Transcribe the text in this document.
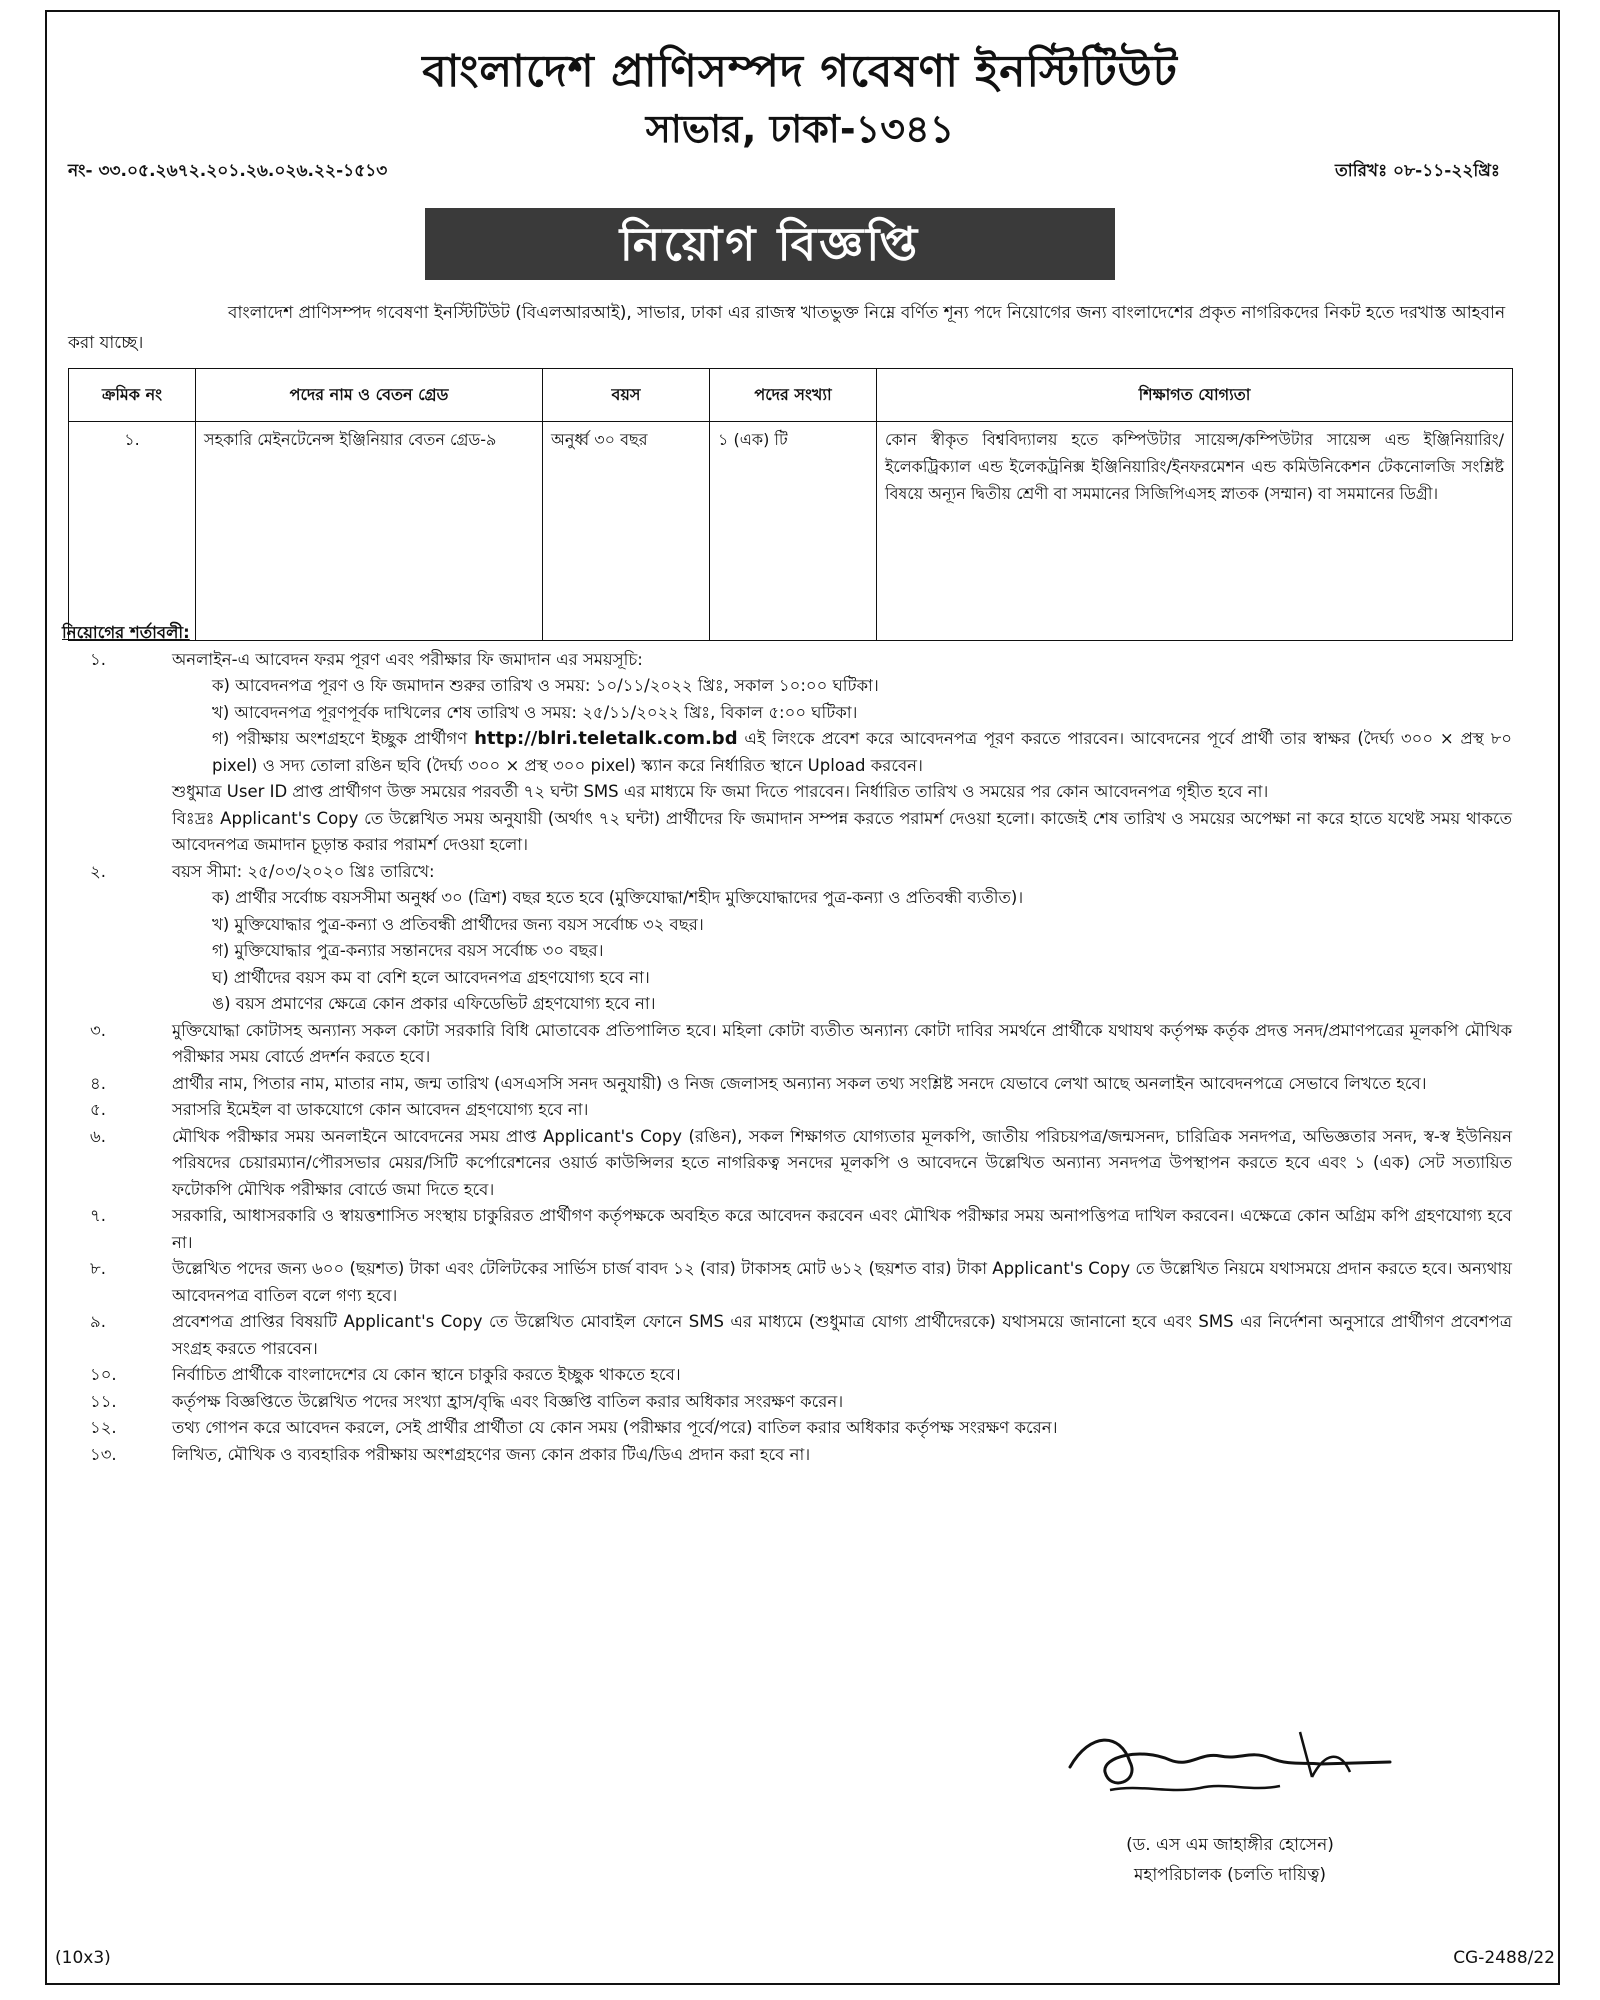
বাংলাদেশ প্রাণিসম্পদ গবেষণা ইনস্টিটিউট
সাভার, ঢাকা-১৩৪১
নং- ৩৩.০৫.২৬৭২.২০১.২৬.০২৬.২২-১৫১৩	তারিখঃ ০৮-১১-২২খ্রিঃ
নিয়োগ বিজ্ঞপ্তি
বাংলাদেশ প্রাণিসম্পদ গবেষণা ইনস্টিটিউট (বিএলআরআই), সাভার, ঢাকা এর রাজস্ব খাতভুক্ত নিম্নে বর্ণিত শূন্য পদে নিয়োগের জন্য বাংলাদেশের প্রকৃত নাগরিকদের নিকট হতে দরখাস্ত আহবান করা যাচ্ছে।
ক্রমিক নং	পদের নাম ও বেতন গ্রেড	বয়স	পদের সংখ্যা	শিক্ষাগত যোগ্যতা
১.	সহকারি মেইনটেনেন্স ইঞ্জিনিয়ার বেতন গ্রেড-৯	অনুর্ধ্ব ৩০ বছর	১ (এক) টি	কোন স্বীকৃত বিশ্ববিদ্যালয় হতে কম্পিউটার সায়েন্স/কম্পিউটার সায়েন্স এন্ড ইঞ্জিনিয়ারিং/ইলেকট্রিক্যাল এন্ড ইলেকট্রনিক্স ইঞ্জিনিয়ারিং/ইনফরমেশন এন্ড কমিউনিকেশন টেকনোলজি সংশ্লিষ্ট বিষয়ে অন্যূন দ্বিতীয় শ্রেণী বা সমমানের সিজিপিএসহ স্নাতক (সম্মান) বা সমমানের ডিগ্রী।
নিয়োগের শর্তাবলী:
১.	অনলাইন-এ আবেদন ফরম পূরণ এবং পরীক্ষার ফি জমাদান এর সময়সূচি:
ক) আবেদনপত্র পূরণ ও ফি জমাদান শুরুর তারিখ ও সময়: ১০/১১/২০২২ খ্রিঃ, সকাল ১০:০০ ঘটিকা।
খ) আবেদনপত্র পূরণপূর্বক দাখিলের শেষ তারিখ ও সময়: ২৫/১১/২০২২ খ্রিঃ, বিকাল ৫:০০ ঘটিকা।
গ) পরীক্ষায় অংশগ্রহণে ইচ্ছুক প্রার্থীগণ http://blri.teletalk.com.bd এই লিংকে প্রবেশ করে আবেদনপত্র পূরণ করতে পারবেন। আবেদনের পূর্বে প্রার্থী তার স্বাক্ষর (দৈর্ঘ্য ৩০০ × প্রস্থ ৮০ pixel) ও সদ্য তোলা রঙিন ছবি (দৈর্ঘ্য ৩০০ × প্রস্থ ৩০০ pixel) স্ক্যান করে নির্ধারিত স্থানে Upload করবেন।
শুধুমাত্র User ID প্রাপ্ত প্রার্থীগণ উক্ত সময়ের পরবর্তী ৭২ ঘন্টা SMS এর মাধ্যমে ফি জমা দিতে পারবেন। নির্ধারিত তারিখ ও সময়ের পর কোন আবেদনপত্র গৃহীত হবে না।
বিঃদ্রঃ Applicant's Copy তে উল্লেখিত সময় অনুযায়ী (অর্থাৎ ৭২ ঘন্টা) প্রার্থীদের ফি জমাদান সম্পন্ন করতে পরামর্শ দেওয়া হলো। কাজেই শেষ তারিখ ও সময়ের অপেক্ষা না করে হাতে যথেষ্ট সময় থাকতে আবেদনপত্র জমাদান চূড়ান্ত করার পরামর্শ দেওয়া হলো।
২.	বয়স সীমা: ২৫/০৩/২০২০ খ্রিঃ তারিখে:
ক) প্রার্থীর সর্বোচ্চ বয়সসীমা অনুর্ধ্ব ৩০ (ত্রিশ) বছর হতে হবে (মুক্তিযোদ্ধা/শহীদ মুক্তিযোদ্ধাদের পুত্র-কন্যা ও প্রতিবন্ধী ব্যতীত)।
খ) মুক্তিযোদ্ধার পুত্র-কন্যা ও প্রতিবন্ধী প্রার্থীদের জন্য বয়স সর্বোচ্চ ৩২ বছর।
গ) মুক্তিযোদ্ধার পুত্র-কন্যার সন্তানদের বয়স সর্বোচ্চ ৩০ বছর।
ঘ) প্রার্থীদের বয়স কম বা বেশি হলে আবেদনপত্র গ্রহণযোগ্য হবে না।
ঙ) বয়স প্রমাণের ক্ষেত্রে কোন প্রকার এফিডেভিট গ্রহণযোগ্য হবে না।
৩.	মুক্তিযোদ্ধা কোটাসহ অন্যান্য সকল কোটা সরকারি বিধি মোতাবেক প্রতিপালিত হবে। মহিলা কোটা ব্যতীত অন্যান্য কোটা দাবির সমর্থনে প্রার্থীকে যথাযথ কর্তৃপক্ষ কর্তৃক প্রদত্ত সনদ/প্রমাণপত্রের মূলকপি মৌখিক পরীক্ষার সময় বোর্ডে প্রদর্শন করতে হবে।
৪.	প্রার্থীর নাম, পিতার নাম, মাতার নাম, জন্ম তারিখ (এসএসসি সনদ অনুযায়ী) ও নিজ জেলাসহ অন্যান্য সকল তথ্য সংশ্লিষ্ট সনদে যেভাবে লেখা আছে অনলাইন আবেদনপত্রে সেভাবে লিখতে হবে।
৫.	সরাসরি ইমেইল বা ডাকযোগে কোন আবেদন গ্রহণযোগ্য হবে না।
৬.	মৌখিক পরীক্ষার সময় অনলাইনে আবেদনের সময় প্রাপ্ত Applicant's Copy (রঙিন), সকল শিক্ষাগত যোগ্যতার মূলকপি, জাতীয় পরিচয়পত্র/জন্মসনদ, চারিত্রিক সনদপত্র, অভিজ্ঞতার সনদ, স্ব-স্ব ইউনিয়ন পরিষদের চেয়ারম্যান/পৌরসভার মেয়র/সিটি কর্পোরেশনের ওয়ার্ড কাউন্সিলর হতে নাগরিকত্ব সনদের মূলকপি ও আবেদনে উল্লেখিত অন্যান্য সনদপত্র উপস্থাপন করতে হবে এবং ১ (এক) সেট সত্যায়িত ফটোকপি মৌখিক পরীক্ষার বোর্ডে জমা দিতে হবে।
৭.	সরকারি, আধাসরকারি ও স্বায়ত্তশাসিত সংস্থায় চাকুরিরত প্রার্থীগণ কর্তৃপক্ষকে অবহিত করে আবেদন করবেন এবং মৌখিক পরীক্ষার সময় অনাপত্তিপত্র দাখিল করবেন। এক্ষেত্রে কোন অগ্রিম কপি গ্রহণযোগ্য হবে না।
৮.	উল্লেখিত পদের জন্য ৬০০ (ছয়শত) টাকা এবং টেলিটকের সার্ভিস চার্জ বাবদ ১২ (বার) টাকাসহ মোট ৬১২ (ছয়শত বার) টাকা Applicant's Copy তে উল্লেখিত নিয়মে যথাসময়ে প্রদান করতে হবে। অন্যথায় আবেদনপত্র বাতিল বলে গণ্য হবে।
৯.	প্রবেশপত্র প্রাপ্তির বিষয়টি Applicant's Copy তে উল্লেখিত মোবাইল ফোনে SMS এর মাধ্যমে (শুধুমাত্র যোগ্য প্রার্থীদেরকে) যথাসময়ে জানানো হবে এবং SMS এর নির্দেশনা অনুসারে প্রার্থীগণ প্রবেশপত্র সংগ্রহ করতে পারবেন।
১০.	নির্বাচিত প্রার্থীকে বাংলাদেশের যে কোন স্থানে চাকুরি করতে ইচ্ছুক থাকতে হবে।
১১.	কর্তৃপক্ষ বিজ্ঞপ্তিতে উল্লেখিত পদের সংখ্যা হ্রাস/বৃদ্ধি এবং বিজ্ঞপ্তি বাতিল করার অধিকার সংরক্ষণ করেন।
১২.	তথ্য গোপন করে আবেদন করলে, সেই প্রার্থীর প্রার্থীতা যে কোন সময় (পরীক্ষার পূর্বে/পরে) বাতিল করার অধিকার কর্তৃপক্ষ সংরক্ষণ করেন।
১৩.	লিখিত, মৌখিক ও ব্যবহারিক পরীক্ষায় অংশগ্রহণের জন্য কোন প্রকার টিএ/ডিএ প্রদান করা হবে না।
(ড. এস এম জাহাঙ্গীর হোসেন)
মহাপরিচালক (চলতি দায়িত্ব)
(10x3)	CG-2488/22
